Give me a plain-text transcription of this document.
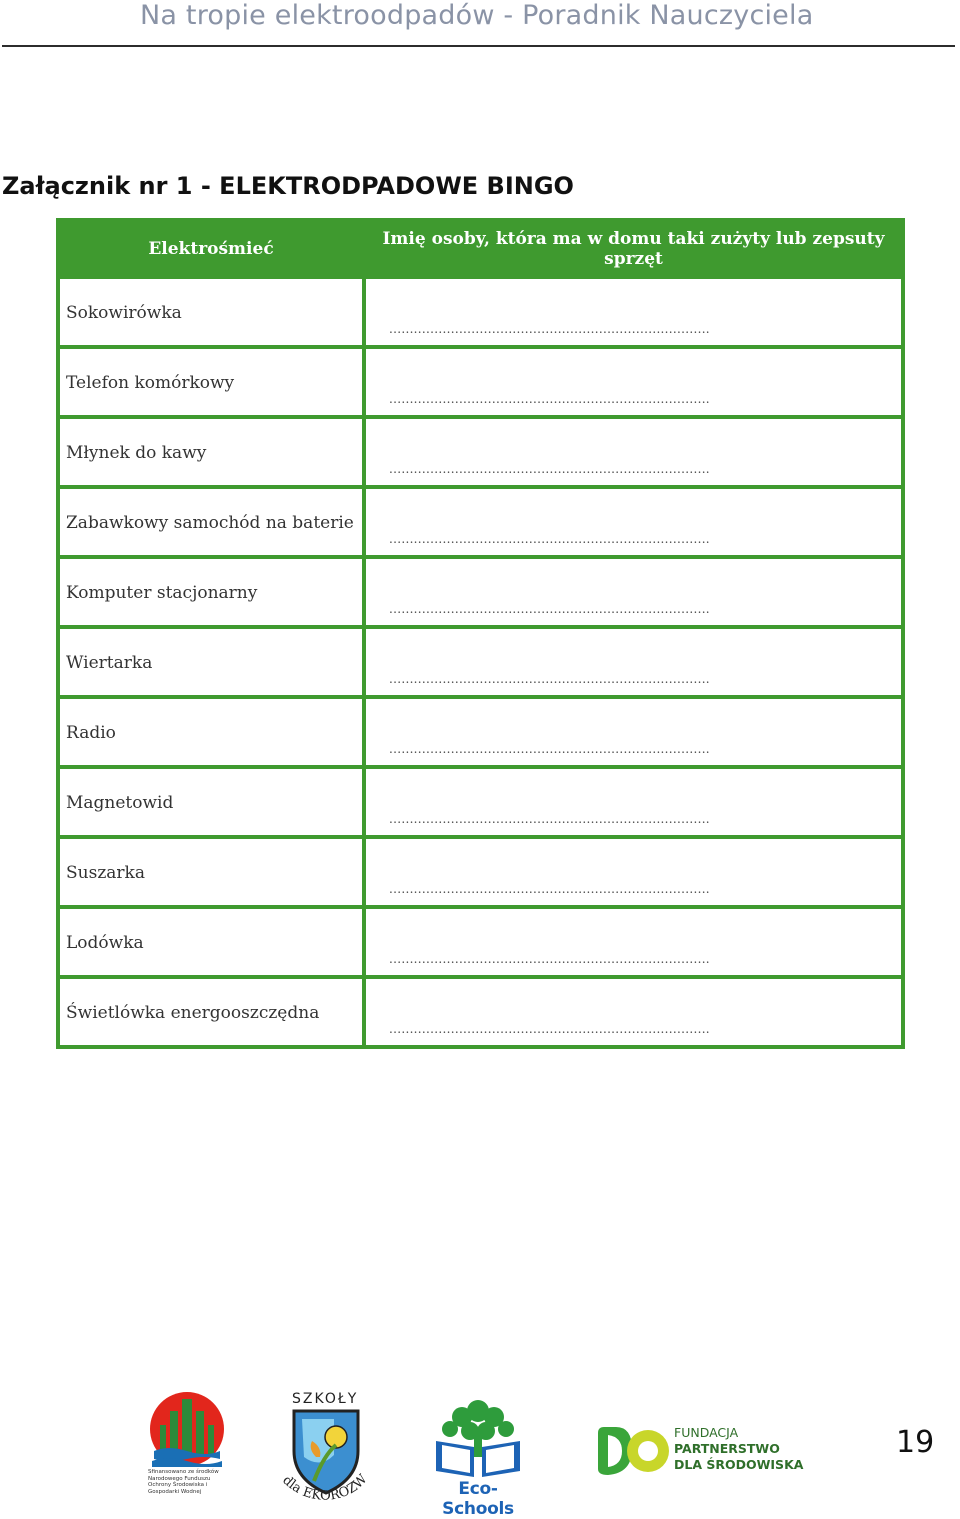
Na tropie elektroodpadów - Poradnik Nauczyciela
Załącznik nr 1 - ELEKTRODPADOWE BINGO
Elektrośmieć	Imię osoby, która ma w domu taki zużyty lub zepsuty sprzęt

Sokowirówka	..............................................................................

Telefon komórkowy	..............................................................................

Młynek do kawy	..............................................................................

Zabawkowy samochód na baterie	..............................................................................

Komputer stacjonarny	..............................................................................

Wiertarka	..............................................................................

Radio	..............................................................................

Magnetowid	..............................................................................

Suszarka	..............................................................................

Lodówka	..............................................................................

Świetlówka energooszczędna	..............................................................................
Sfinansowano ze środków Narodowego Funduszu Ochrony Środowiska i Gospodarki Wodnej
SZKOŁY
dla EKOROZW	Eco-Schools
FUNDACJA
PARTNERSTWO
DLA ŚRODOWISKA
19
